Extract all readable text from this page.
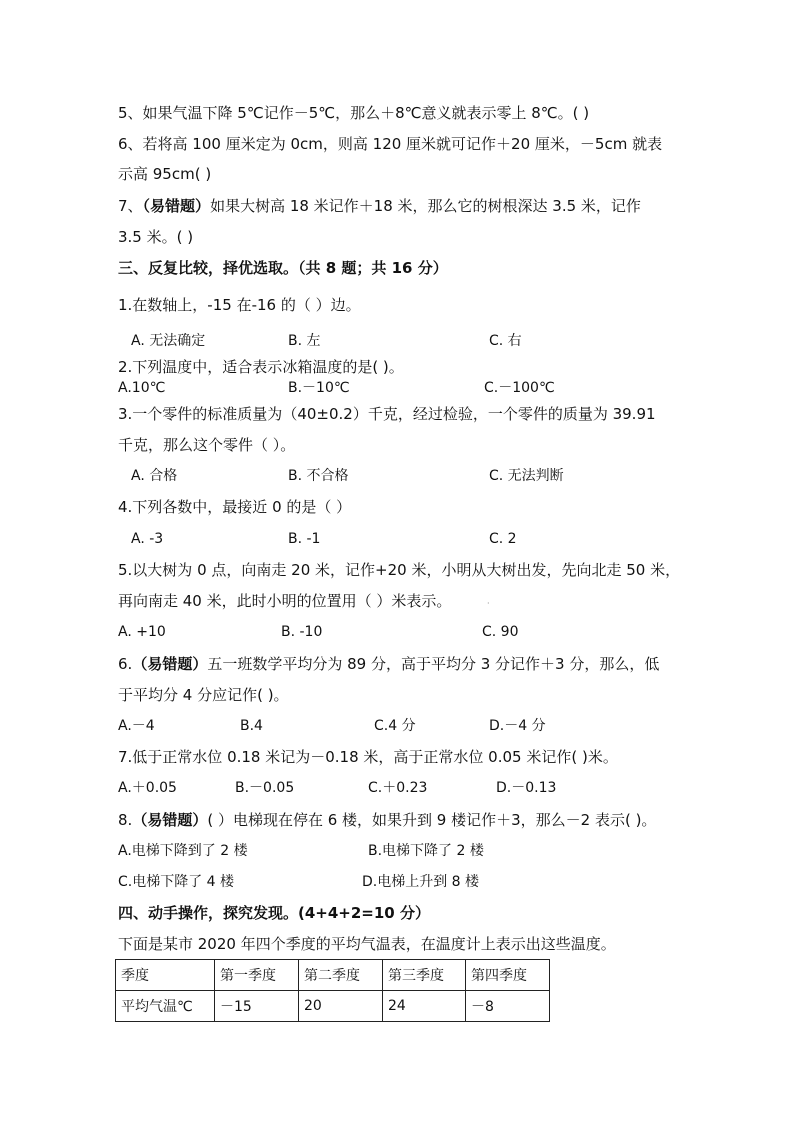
5、如果气温下降 5℃记作－5℃，那么＋8℃意义就表示零上 8℃。( )
6、若将高 100 厘米定为 0cm，则高 120 厘米就可记作＋20 厘米，－5cm 就表
示高 95cm( )
7、（易错题）如果大树高 18 米记作＋18 米，那么它的树根深达 3.5 米，记作
3.5 米。( )
三、反复比较，择优选取。（共 8 题；共 16 分）
1.在数轴上，-15 在-16 的（ ）边。
A. 无法确定	B. 左	C. 右
2.下列温度中，适合表示冰箱温度的是( )。
A.10℃	B.－10℃	C.－100℃
3.一个零件的标准质量为（40±0.2）千克，经过检验，一个零件的质量为 39.91
千克，那么这个零件（ ）。
A. 合格	B. 不合格	C. 无法判断
4.下列各数中，最接近 0 的是（ ）
A. -3	B. -1	C. 2
5.以大树为 0 点，向南走 20 米，记作+20 米，小明从大树出发，先向北走 50 米，
再向南走 40 米，此时小明的位置用（ ）米表示。	·
A. +10	B. -10	C. 90
6.（易错题）五一班数学平均分为 89 分，高于平均分 3 分记作＋3 分，那么，低
于平均分 4 分应记作( )。
A.－4	B.4	C.4 分	D.－4 分
7.低于正常水位 0.18 米记为－0.18 米，高于正常水位 0.05 米记作( )米。
A.＋0.05	B.－0.05	C.＋0.23	D.－0.13
8.（易错题）( ）电梯现在停在 6 楼，如果升到 9 楼记作＋3，那么－2 表示( )。
A.电梯下降到了 2 楼	B.电梯下降了 2 楼
C.电梯下降了 4 楼	D.电梯上升到 8 楼
四、动手操作，探究发现。(4+4+2=10 分）
下面是某市 2020 年四个季度的平均气温表，在温度计上表示出这些温度。
季度	第一季度	第二季度	第三季度	第四季度
平均气温℃	－15	20	24	－8
